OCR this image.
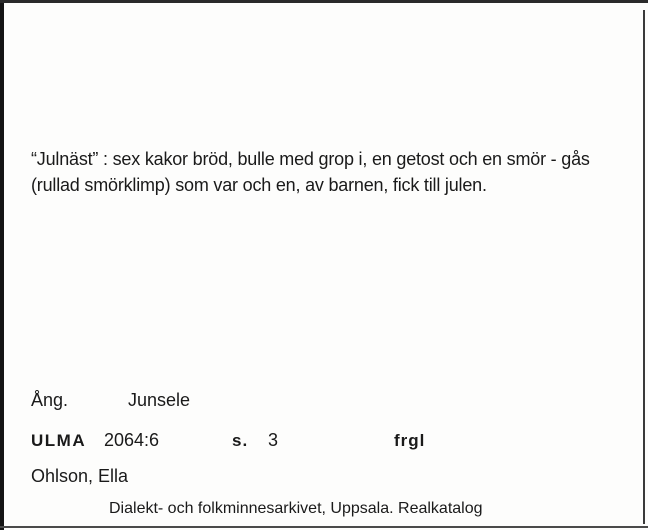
“Julnäst” : sex kakor bröd, bulle med grop i, en getost och en smör - gås (rullad smörklimp) som var och en, av barnen, fick till julen.
Ång.	Junsele
ULMA 2064:6	s. 3	frgl
Ohlson, Ella
Dialekt- och folkminnesarkivet, Uppsala. Realkatalog
